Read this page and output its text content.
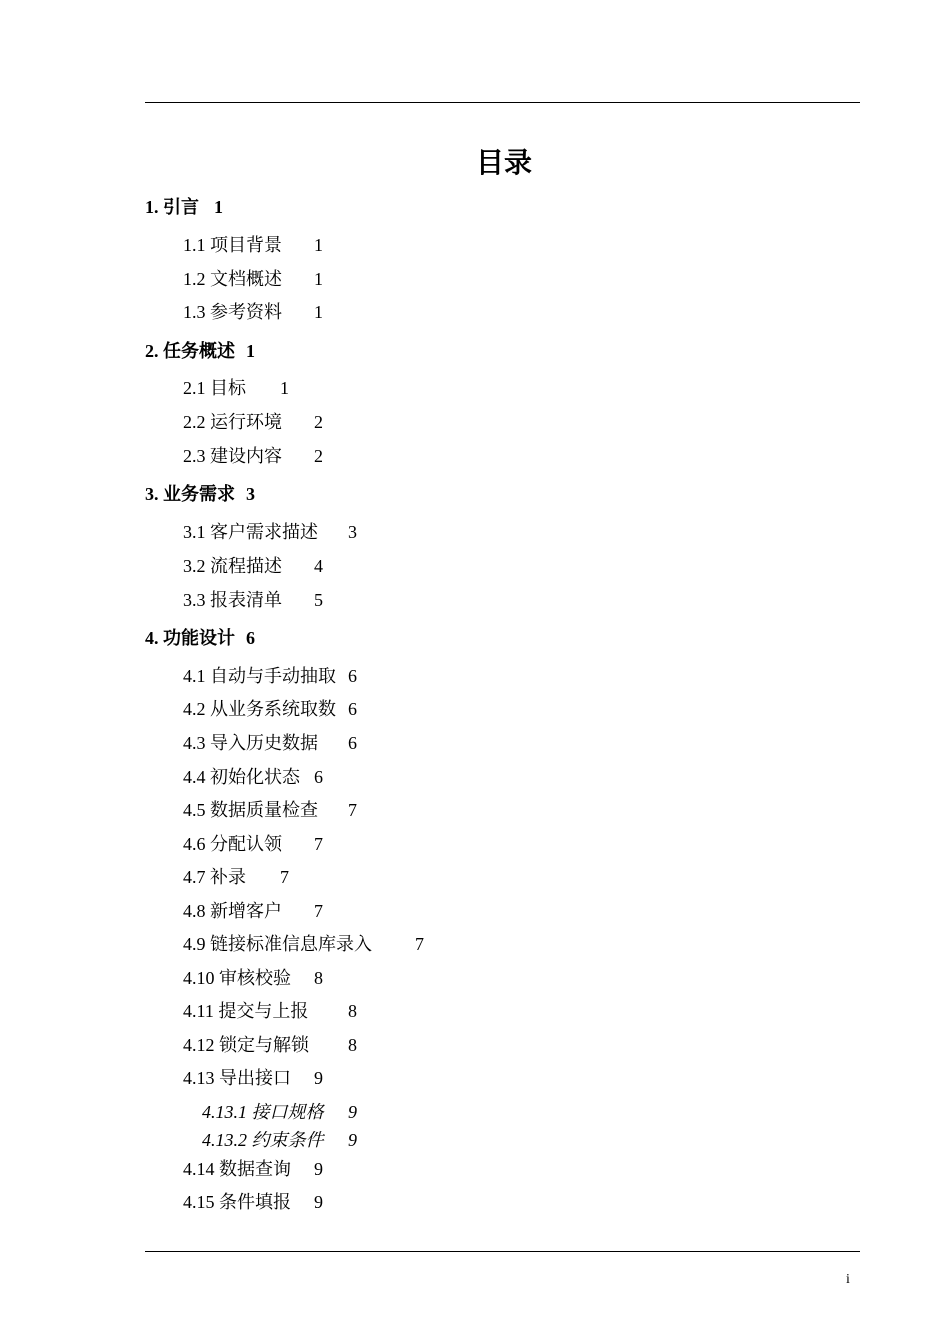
目录
1. 引言 1
1.1 项目背景 1
1.2 文档概述 1
1.3 参考资料 1
2. 任务概述 1
2.1 目标 1
2.2 运行环境 2
2.3 建设内容 2
3. 业务需求 3
3.1 客户需求描述 3
3.2 流程描述 4
3.3 报表清单 5
4. 功能设计 6
4.1 自动与手动抽取 6
4.2 从业务系统取数 6
4.3 导入历史数据 6
4.4 初始化状态 6
4.5 数据质量检查 7
4.6 分配认领 7
4.7 补录 7
4.8 新增客户 7
4.9 链接标准信息库录入 7
4.10 审核校验 8
4.11 提交与上报 8
4.12 锁定与解锁 8
4.13 导出接口 9
4.13.1 接口规格 9
4.13.2 约束条件 9
4.14 数据查询 9
4.15 条件填报 9
i
